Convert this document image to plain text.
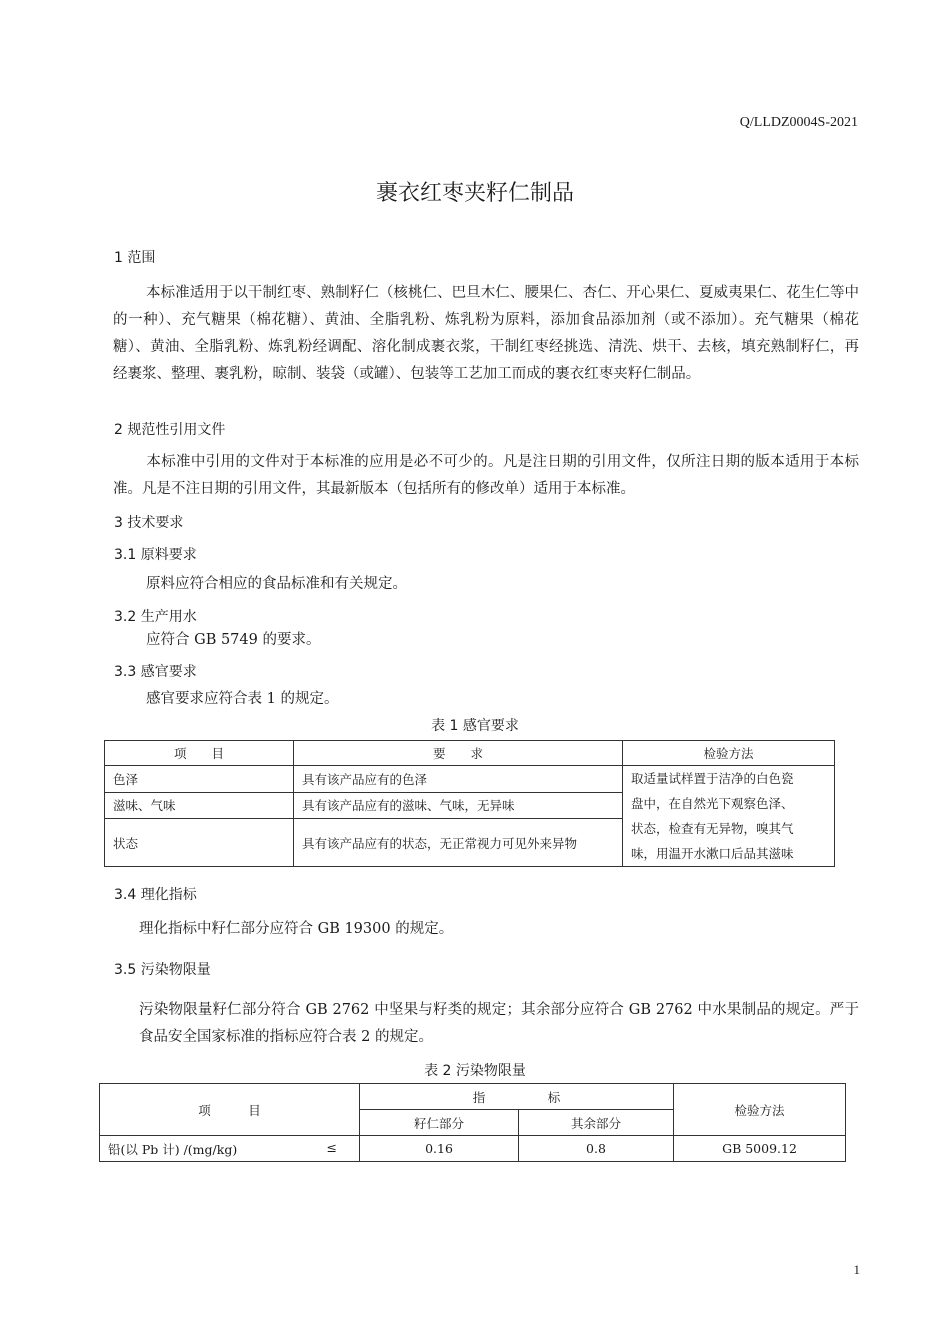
Q/LLDZ0004S-2021
裹衣红枣夹籽仁制品
1 范围
本标准适用于以干制红枣、熟制籽仁（核桃仁、巴旦木仁、腰果仁、杏仁、开心果仁、夏威夷果仁、花生仁等中的一种）、充气糖果（棉花糖）、黄油、全脂乳粉、炼乳粉为原料，添加食品添加剂（或不添加）。充气糖果（棉花糖）、黄油、全脂乳粉、炼乳粉经调配、溶化制成裹衣浆，干制红枣经挑选、清洗、烘干、去核，填充熟制籽仁，再经裹浆、整理、裹乳粉，晾制、装袋（或罐）、包装等工艺加工而成的裹衣红枣夹籽仁制品。
2 规范性引用文件
本标准中引用的文件对于本标准的应用是必不可少的。凡是注日期的引用文件，仅所注日期的版本适用于本标准。凡是不注日期的引用文件，其最新版本（包括所有的修改单）适用于本标准。
3 技术要求
3.1 原料要求
原料应符合相应的食品标准和有关规定。
3.2 生产用水
应符合 GB 5749 的要求。
3.3 感官要求
感官要求应符合表 1 的规定。
表 1 感官要求
项　　目	要　　求	检验方法
色泽	具有该产品应有的色泽	取适量试样置于洁净的白色瓷
盘中，在自然光下观察色泽、
状态，检查有无异物，嗅其气
味，用温开水漱口后品其滋味

滋味、气味	具有该产品应有的滋味、气味，无异味	
状态	具有该产品应有的状态，无正常视力可见外来异物	
3.4 理化指标
理化指标中籽仁部分应符合 GB 19300 的规定。
3.5 污染物限量
污染物限量籽仁部分符合 GB 2762 中坚果与籽类的规定；其余部分应符合 GB 2762 中水果制品的规定。严于食品安全国家标准的指标应符合表 2 的规定。
表 2 污染物限量
项　　　目	指　　　　　标		检验方法
	籽仁部分	其余部分	
铅(以 Pb 计) /(mg/kg) ≤	0.16	0.8	GB 5009.12
1
